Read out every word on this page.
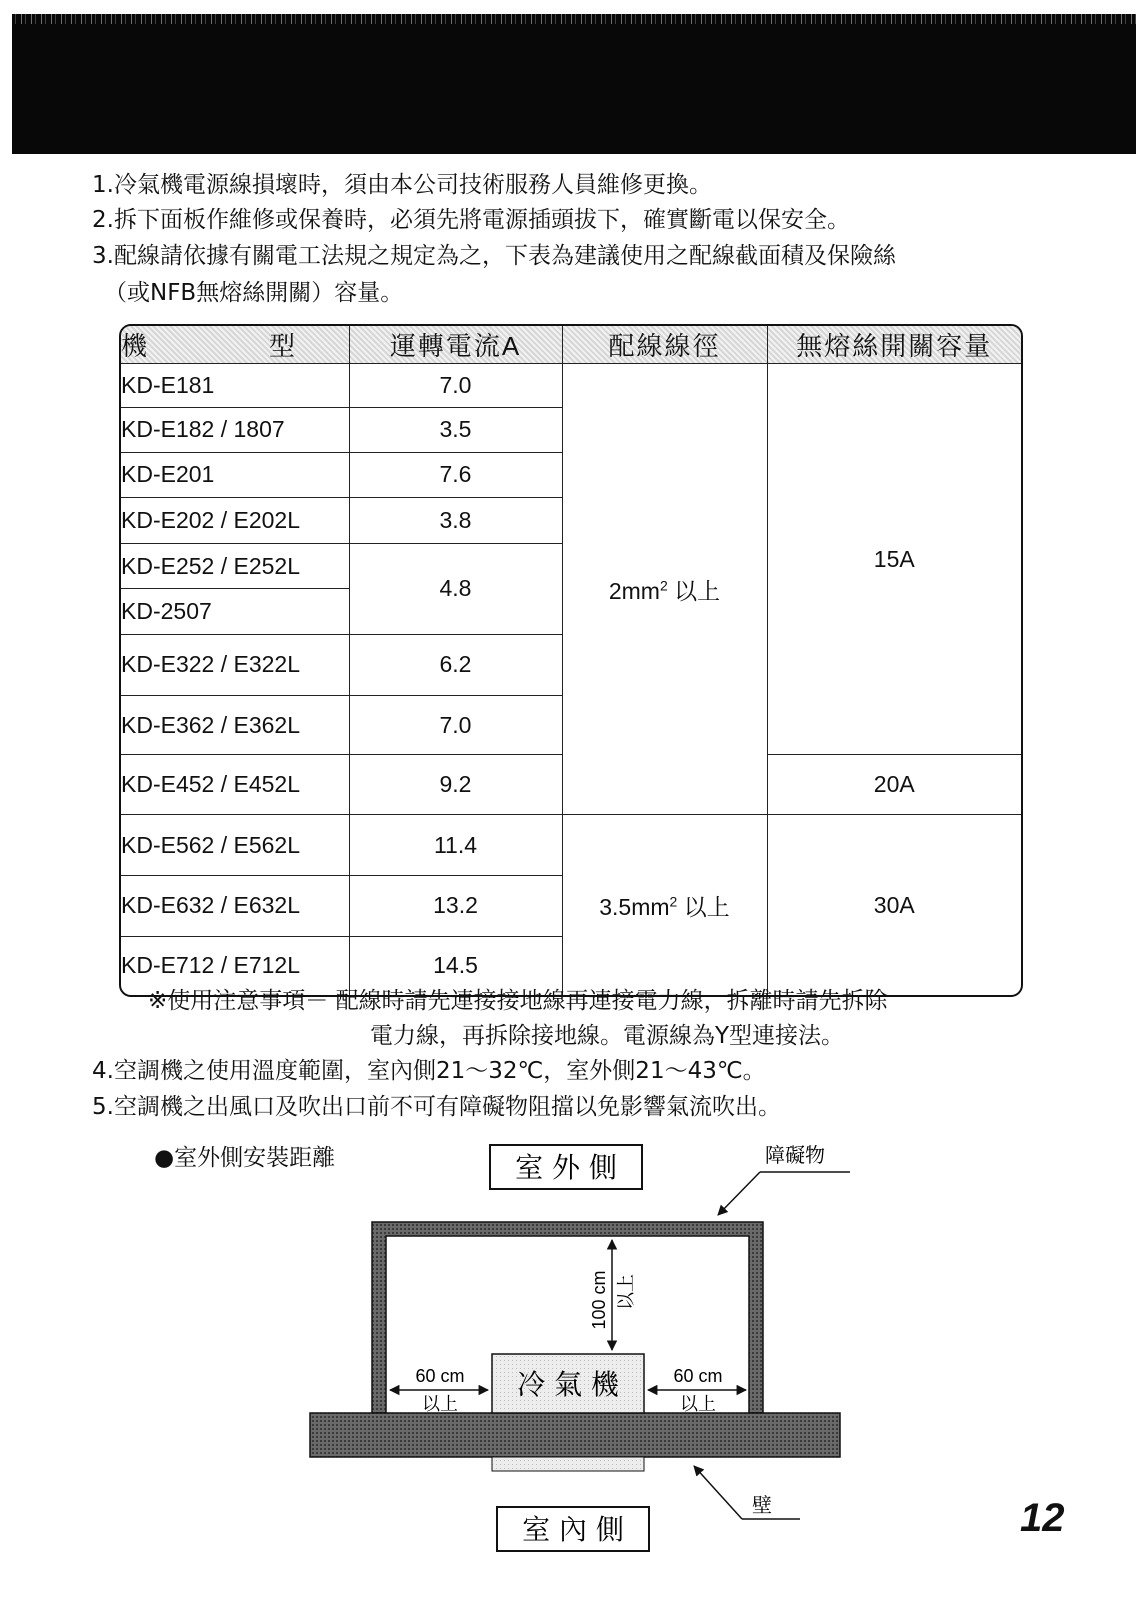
1.冷氣機電源線損壞時，須由本公司技術服務人員維修更換。
2.拆下面板作維修或保養時，必須先將電源插頭拔下，確實斷電以保安全。
3.配線請依據有關電工法規之規定為之，下表為建議使用之配線截面積及保險絲
（或NFB無熔絲開關）容量。
機 型	運轉電流A	配線線徑	無熔絲開關容量
KD-E181	7.0	$2mm^2$ 以上	15A
KD-E182 / 1807	3.5		
KD-E201	7.6		
KD-E202 / E202L	3.8		
KD-E252 / E252L	4.8		
KD-2507			
KD-E322 / E322L	6.2		
KD-E362 / E362L	7.0		
KD-E452 / E452L	9.2		20A
KD-E562 / E562L	11.4	$3.5mm^2$ 以上	30A
KD-E632 / E632L	13.2		
KD-E712 / E712L	14.5		
※使用注意事項－ 配線時請先連接接地線再連接電力線，拆離時請先拆除
電力線，再拆除接地線。電源線為Y型連接法。
4.空調機之使用溫度範圍，室內側21～32℃，室外側21～43℃。
5.空調機之出風口及吹出口前不可有障礙物阻擋以免影響氣流吹出。
●室外側安裝距離	室 外 側	障礙物
冷 氣 機
100 cm 以上
60 cm
以上
60 cm
以上
壁
室 內 側	12
